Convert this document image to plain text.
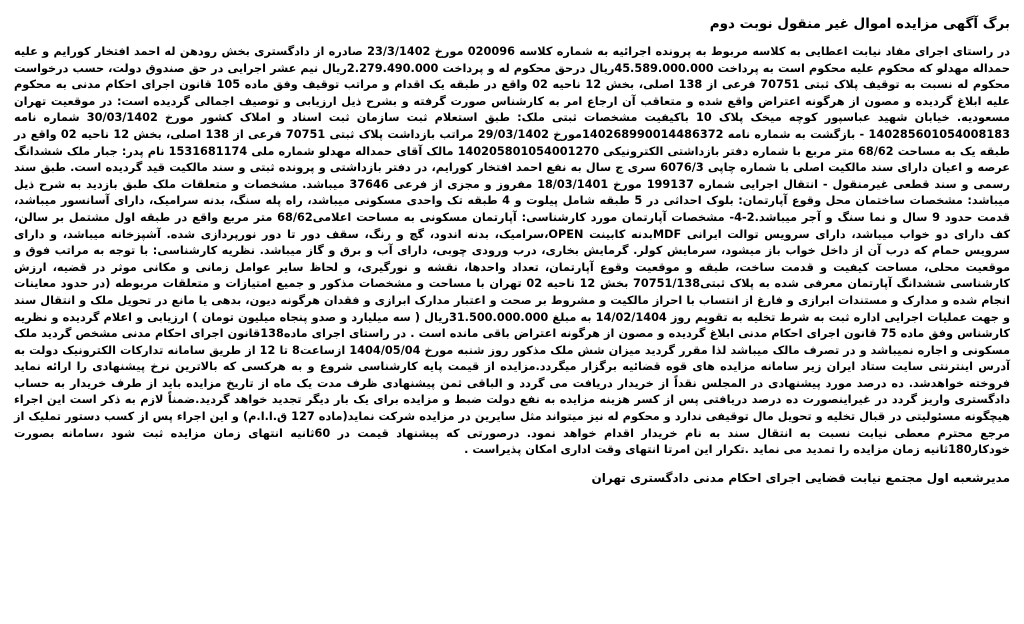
برگ آگهی مزایده اموال غیر منقول نوبت دوم

در راستای اجرای مفاد نیابت اعطایی به کلاسه مربوط به پرونده اجرائیه به شماره کلاسه 020096 مورخ 23/3/1402 صادره از دادگستری بخش رودهن له احمد افتخار کورایم و علیه حمداله مهدلو که محکوم علیه محکوم است به پرداخت 45.589.000.000ریال درحق محکوم له و پرداخت 2.279.490.000ریال نیم عشر اجرایی در حق صندوق دولت، حسب درخواست محکوم له نسبت به توقیف پلاک ثبتی 70751 فرعی از 138 اصلی، بخش 12 ناحیه 02 واقع در طبقه یک اقدام و مراتب توقیف وفق ماده 105 قانون اجرای احکام مدنی به محکوم علیه ابلاغ گردیده و مصون از هرگونه اعتراض واقع شده و متعاقب آن ارجاع امر به کارشناس صورت گرفته و بشرح ذیل ارزیابی و توصیف اجمالی گردیده است: در موقعیت تهران مسعودیه. خیابان شهید عباسپور کوچه میخک پلاک 10 باکیفیت مشخصات ثبتی ملک: طبق استعلام ثبت سازمان ثبت اسناد و املاک کشور مورخ 30/03/1402 شماره نامه 140285601054008183 - بازگشت به شماره نامه 140268990014486372مورخ 29/03/1402 مراتب بازداشت پلاک ثبتی 70751 فرعی از 138 اصلی، بخش 12 ناحیه 02 واقع در طبقه یک به مساحت 68/62 متر مربع با شماره دفتر بازداشتی الکترونیکی 140205801054001270 مالک آقای حمداله مهدلو شماره ملی 1531681174 نام پدر: جبار ملک ششدانگ عرصه و اعیان دارای سند مالکیت اصلی با شماره چاپی 6076/3 سری ج سال به نفع احمد افتخار کورایم، در دفتر بازداشتی و پرونده ثبتی و سند مالکیت قید گردیده است. طبق سند رسمی و سند قطعی غیرمنقول - انتقال اجرایی شماره 199137 مورخ 18/03/1401 مفروز و مجزی از فرعی 37646 میباشد. مشخصات و متعلقات ملک طبق بازدید به شرح ذیل میباشد: مشخصات ساختمان محل وقوع آپارتمان: بلوک احداثی در 5 طبقه شامل پیلوت و 4 طبقه تک واحدی مسکونی میباشد، راه پله سنگ، بدنه سرامیک، دارای آسانسور میباشد، قدمت حدود 9 سال و نما سنگ و آجر میباشد.2-4- مشخصات آپارتمان مورد کارشناسی: آپارتمان مسکونی به مساحت اعلامی68/62 متر مربع واقع در طبقه اول مشتمل بر سالن، کف دارای دو خواب میباشد، دارای سرویس توالت ایرانی MDFبدنه کابینت OPEN،سرامیک، بدنه اندود، گچ و رنگ، سقف دور تا دور نورپردازی شده. آشپزخانه میباشد، و دارای سرویس حمام که درب آن از داخل خواب باز میشود، سرمایش کولر. گرمایش بخاری، درب ورودی چوبی، دارای آب و برق و گاز میباشد. نظریه کارشناسی: با توجه به مراتب فوق و موقعیت محلی، مساحت کیفیت و قدمت ساخت، طبقه و موقعیت وقوع آپارتمان، تعداد واحدها، نقشه و نورگیری، و لحاظ سایر عوامل زمانی و مکانی موثر در قضیه، ارزش کارشناسی ششدانگ آپارتمان معرفی شده به پلاک ثبتی70751/138 بخش 12 ناحیه 02 تهران با مساحت و مشخصات مذکور و جمیع امتیازات و متعلقات مربوطه (در حدود معاینات انجام شده و مدارک و مستندات ابرازی و فارغ از انتساب با احراز مالکیت و مشروط بر صحت و اعتبار مدارک ابرازی و فقدان هرگونه دیون، بدهی یا مانع در تحویل ملک و انتقال سند و جهت عملیات اجرایی اداره ثبت به شرط تخلیه به تقویم روز 14/02/1404 به مبلغ 31.500.000.000ریال ( سه میلیارد و صدو پنجاه میلیون تومان ) ارزیابی و اعلام گردیده و نظریه کارشناس وفق ماده 75 قانون اجرای احکام مدنی ابلاغ گردیده و مصون از هرگونه اعتراض باقی مانده است . در راستای اجرای ماده138قانون اجرای احکام مدنی مشخص گردید ملک مسکونی و اجاره نمیباشد و در تصرف مالک میباشد لذا مقرر گردید میزان شش ملک مذکور روز شنبه مورخ 1404/05/04 ازساعت8 تا 12 از طریق سامانه تدارکات الکترونیک دولت به آدرس اینترنتی سایت ستاد ایران زیر سامانه مزایده های قوه قضائیه برگزار میگردد.مزایده از قیمت پایه کارشناسی شروع و به هرکسی که بالاترین نرخ پیشنهادی را ارائه نماید فروخته خواهدشد. ده درصد مورد پیشنهادی در المجلس نقداً از خریدار دریافت می گردد و الباقی ثمن پیشنهادی ظرف مدت یک ماه از تاریخ مزایده باید از طرف خریدار به حساب دادگستری واریز گردد در غیراینصورت ده درصد دریافتی پس از کسر هزینه مزایده به نفع دولت ضبط و مزایده برای یک بار دیگر تجدید خواهد گردید.ضمناً لازم به ذکر است این اجراء هیچگونه مسئولیتی در قبال تخلیه و تحویل مال توقیفی ندارد و محکوم له نیز میتواند مثل سایرین در مزایده شرکت نماید(ماده 127 ق.ا.ا.م) و این اجراء پس از کسب دستور تملیک از مرجع محترم معطی نیابت نسبت به انتقال سند به نام خریدار اقدام خواهد نمود. درصورتی که پیشنهاد قیمت در 60ثانیه انتهای زمان مزایده ثبت شود ،سامانه بصورت خودکار180ثانیه زمان مزایده را تمدید می نماید .تکرار این امرتا انتهای وقت اداری امکان پذیراست .

مدیرشعبه اول مجتمع نیابت قضایی اجرای احکام مدنی دادگستری تهران
